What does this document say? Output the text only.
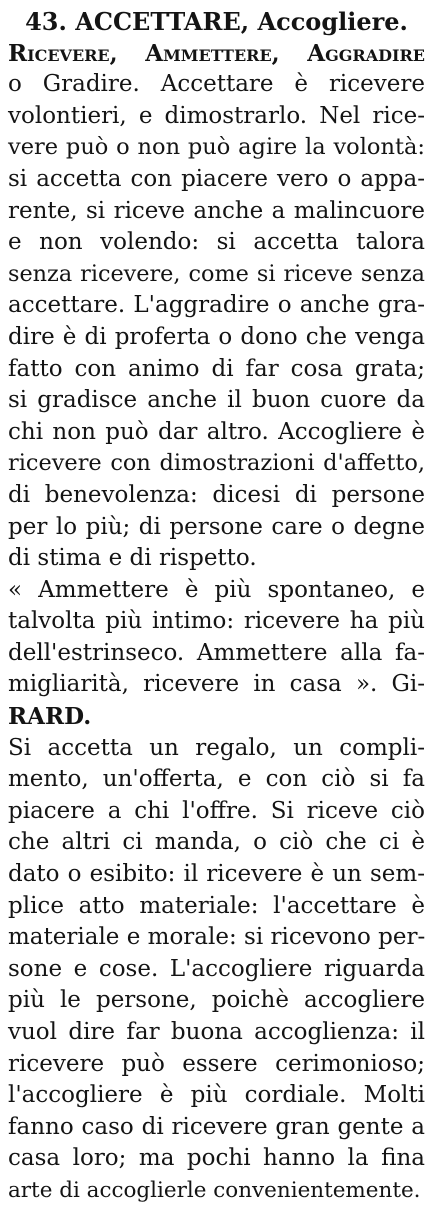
43. ACCETTARE, Accogliere.
Ricevere, Ammettere, Aggradire
o Gradire. Accettare è ricevere
volontieri, e dimostrarlo. Nel rice-
vere può o non può agire la volontà:
si accetta con piacere vero o appa-
rente, si riceve anche a malincuore
e non volendo: si accetta talora
senza ricevere, come si riceve senza
accettare. L'aggradire o anche gra-
dire è di proferta o dono che venga
fatto con animo di far cosa grata;
si gradisce anche il buon cuore da
chi non può dar altro. Accogliere è
ricevere con dimostrazioni d'affetto,
di benevolenza: dicesi di persone
per lo più; di persone care o degne
di stima e di rispetto.
« Ammettere è più spontaneo, e
talvolta più intimo: ricevere ha più
dell'estrinseco. Ammettere alla fa-
migliarità, ricevere in casa ». Gi-
RARD.
Si accetta un regalo, un compli-
mento, un'offerta, e con ciò si fa
piacere a chi l'offre. Si riceve ciò
che altri ci manda, o ciò che ci è
dato o esibito: il ricevere è un sem-
plice atto materiale: l'accettare è
materiale e morale: si ricevono per-
sone e cose. L'accogliere riguarda
più le persone, poichè accogliere
vuol dire far buona accoglienza: il
ricevere può essere cerimonioso;
l'accogliere è più cordiale. Molti
fanno caso di ricevere gran gente a
casa loro; ma pochi hanno la fina
arte di accoglierle convenientemente.
